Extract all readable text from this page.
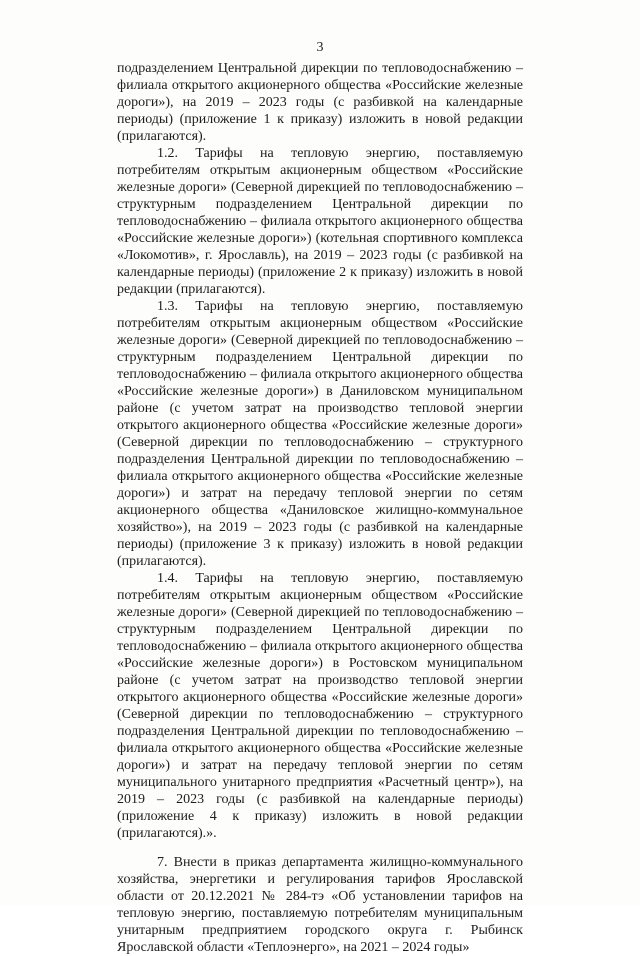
3

подразделением Центральной дирекции по тепловодоснабжению – филиала открытого акционерного общества «Российские железные дороги»), на 2019 – 2023 годы (с разбивкой на календарные периоды) (приложение 1 к приказу) изложить в новой редакции (прилагаются).

1.2. Тарифы на тепловую энергию, поставляемую потребителям открытым акционерным обществом «Российские железные дороги» (Северной дирекцией по тепловодоснабжению – структурным подразделением Центральной дирекции по тепловодоснабжению – филиала открытого акционерного общества «Российские железные дороги») (котельная спортивного комплекса «Локомотив», г. Ярославль), на 2019 – 2023 годы (с разбивкой на календарные периоды) (приложение 2 к приказу) изложить в новой редакции (прилагаются).

1.3. Тарифы на тепловую энергию, поставляемую потребителям открытым акционерным обществом «Российские железные дороги» (Северной дирекцией по тепловодоснабжению – структурным подразделением Центральной дирекции по тепловодоснабжению – филиала открытого акционерного общества «Российские железные дороги») в Даниловском муниципальном районе (с учетом затрат на производство тепловой энергии открытого акционерного общества «Российские железные дороги» (Северной дирекции по тепловодоснабжению – структурного подразделения Центральной дирекции по тепловодоснабжению – филиала открытого акционерного общества «Российские железные дороги») и затрат на передачу тепловой энергии по сетям акционерного общества «Даниловское жилищно-коммунальное хозяйство»), на 2019 – 2023 годы (с разбивкой на календарные периоды) (приложение 3 к приказу) изложить в новой редакции (прилагаются).

1.4. Тарифы на тепловую энергию, поставляемую потребителям открытым акционерным обществом «Российские железные дороги» (Северной дирекцией по тепловодоснабжению – структурным подразделением Центральной дирекции по тепловодоснабжению – филиала открытого акционерного общества «Российские железные дороги») в Ростовском муниципальном районе (с учетом затрат на производство тепловой энергии открытого акционерного общества «Российские железные дороги» (Северной дирекции по тепловодоснабжению – структурного подразделения Центральной дирекции по тепловодоснабжению – филиала открытого акционерного общества «Российские железные дороги») и затрат на передачу тепловой энергии по сетям муниципального унитарного предприятия «Расчетный центр»), на 2019 – 2023 годы (с разбивкой на календарные периоды) (приложение 4 к приказу) изложить в новой редакции (прилагаются).».

7. Внести в приказ департамента жилищно-коммунального хозяйства, энергетики и регулирования тарифов Ярославской области от 20.12.2021 № 284-тэ «Об установлении тарифов на тепловую энергию, поставляемую потребителям муниципальным унитарным предприятием городского округа г. Рыбинск Ярославской области «Теплоэнерго», на 2021 – 2024 годы»
